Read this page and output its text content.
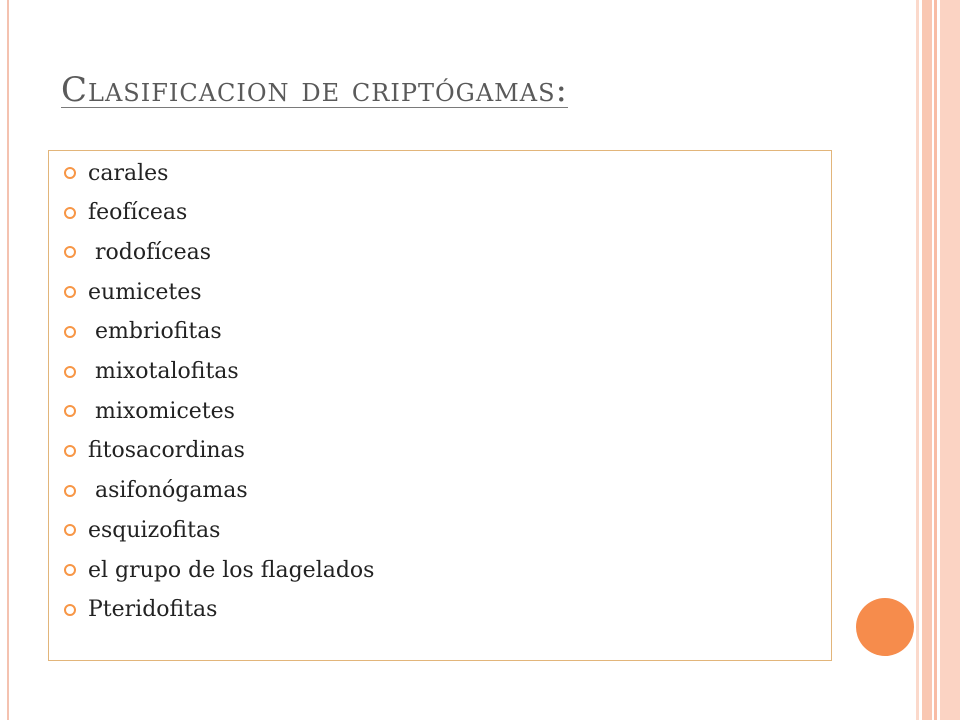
Clasificacion de criptógamas:
carales
feofíceas
rodofíceas
eumicetes
embriofitas
mixotalofitas
mixomicetes
fitosacordinas
asifonógamas
esquizofitas
el grupo de los flagelados
Pteridofitas
